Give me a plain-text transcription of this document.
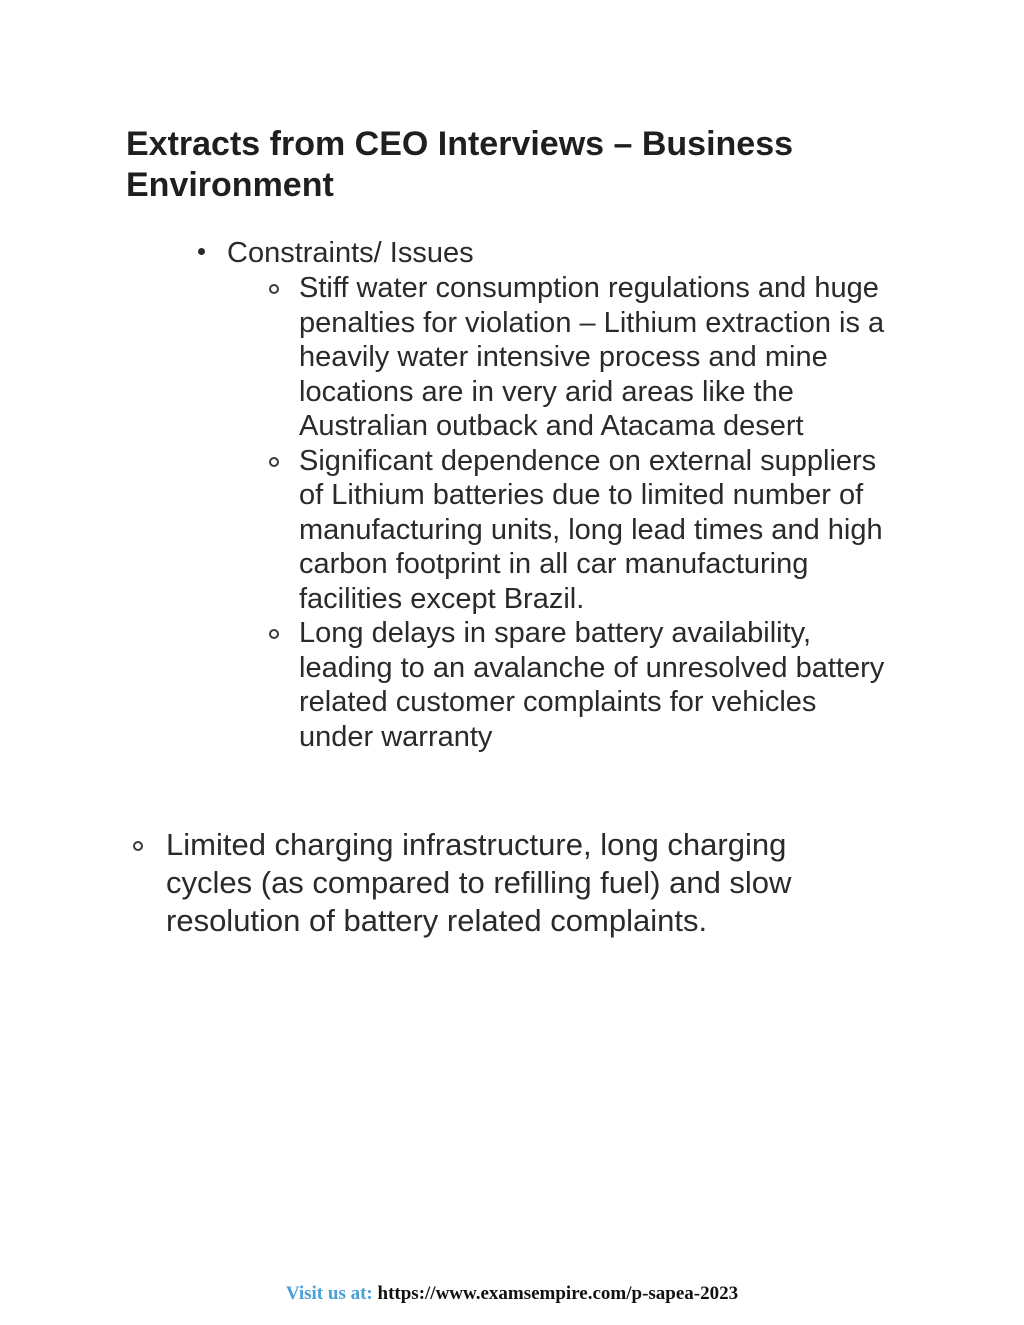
Extracts from CEO Interviews – Business Environment
Constraints/ Issues
Stiff water consumption regulations and huge penalties for violation – Lithium extraction is a heavily water intensive process and mine locations are in very arid areas like the Australian outback and Atacama desert
Significant dependence on external suppliers of Lithium batteries due to limited number of manufacturing units, long lead times and high carbon footprint in all car manufacturing facilities except Brazil.
Long delays in spare battery availability, leading to an avalanche of unresolved battery related customer complaints for vehicles under warranty
Limited charging infrastructure, long charging cycles (as compared to refilling fuel) and slow resolution of battery related complaints.
Visit us at: https://www.examsempire.com/p-sapea-2023
